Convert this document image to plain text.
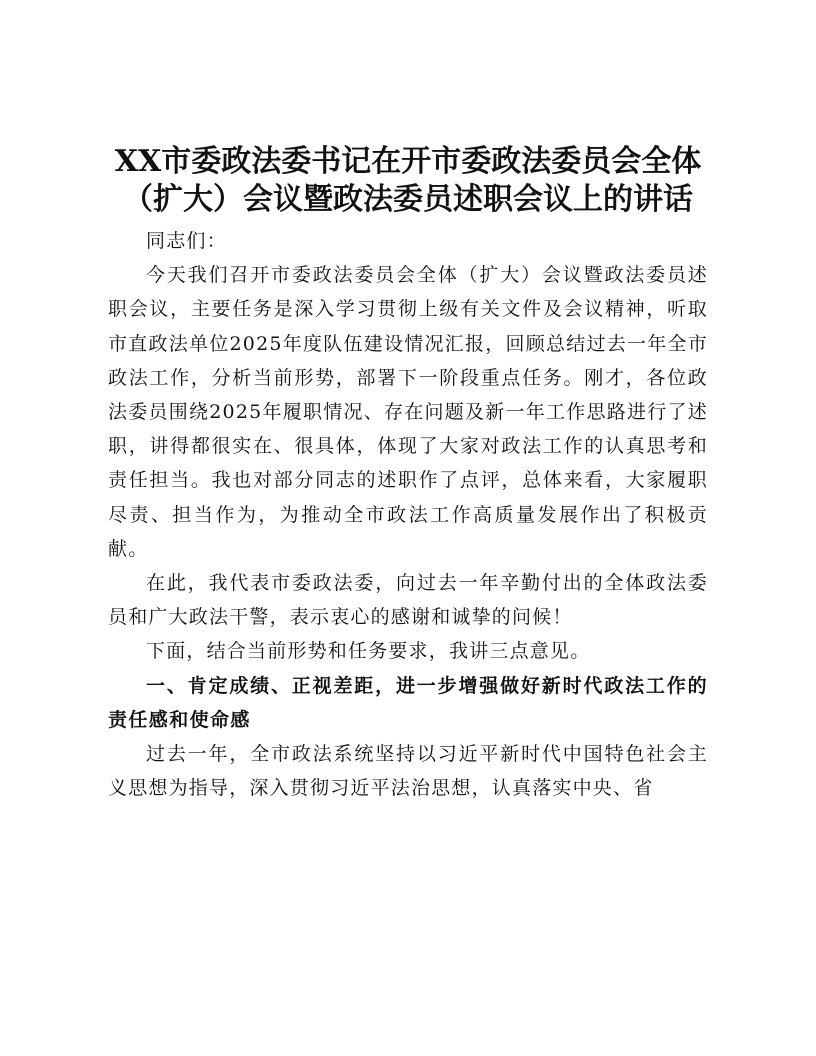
XX市委政法委书记在开市委政法委员会全体
（扩大）会议暨政法委员述职会议上的讲话

同志们：

今天我们召开市委政法委员会全体（扩大）会议暨政法委员述职会议，主要任务是深入学习贯彻上级有关文件及会议精神，听取市直政法单位2025年度队伍建设情况汇报，回顾总结过去一年全市政法工作，分析当前形势，部署下一阶段重点任务。刚才，各位政法委员围绕2025年履职情况、存在问题及新一年工作思路进行了述职，讲得都很实在、很具体，体现了大家对政法工作的认真思考和责任担当。我也对部分同志的述职作了点评，总体来看，大家履职尽责、担当作为，为推动全市政法工作高质量发展作出了积极贡献。

在此，我代表市委政法委，向过去一年辛勤付出的全体政法委员和广大政法干警，表示衷心的感谢和诚挚的问候！

下面，结合当前形势和任务要求，我讲三点意见。

一、肯定成绩、正视差距，进一步增强做好新时代政法工作的责任感和使命感

过去一年，全市政法系统坚持以习近平新时代中国特色社会主义思想为指导，深入贯彻习近平法治思想，认真落实中央、省
